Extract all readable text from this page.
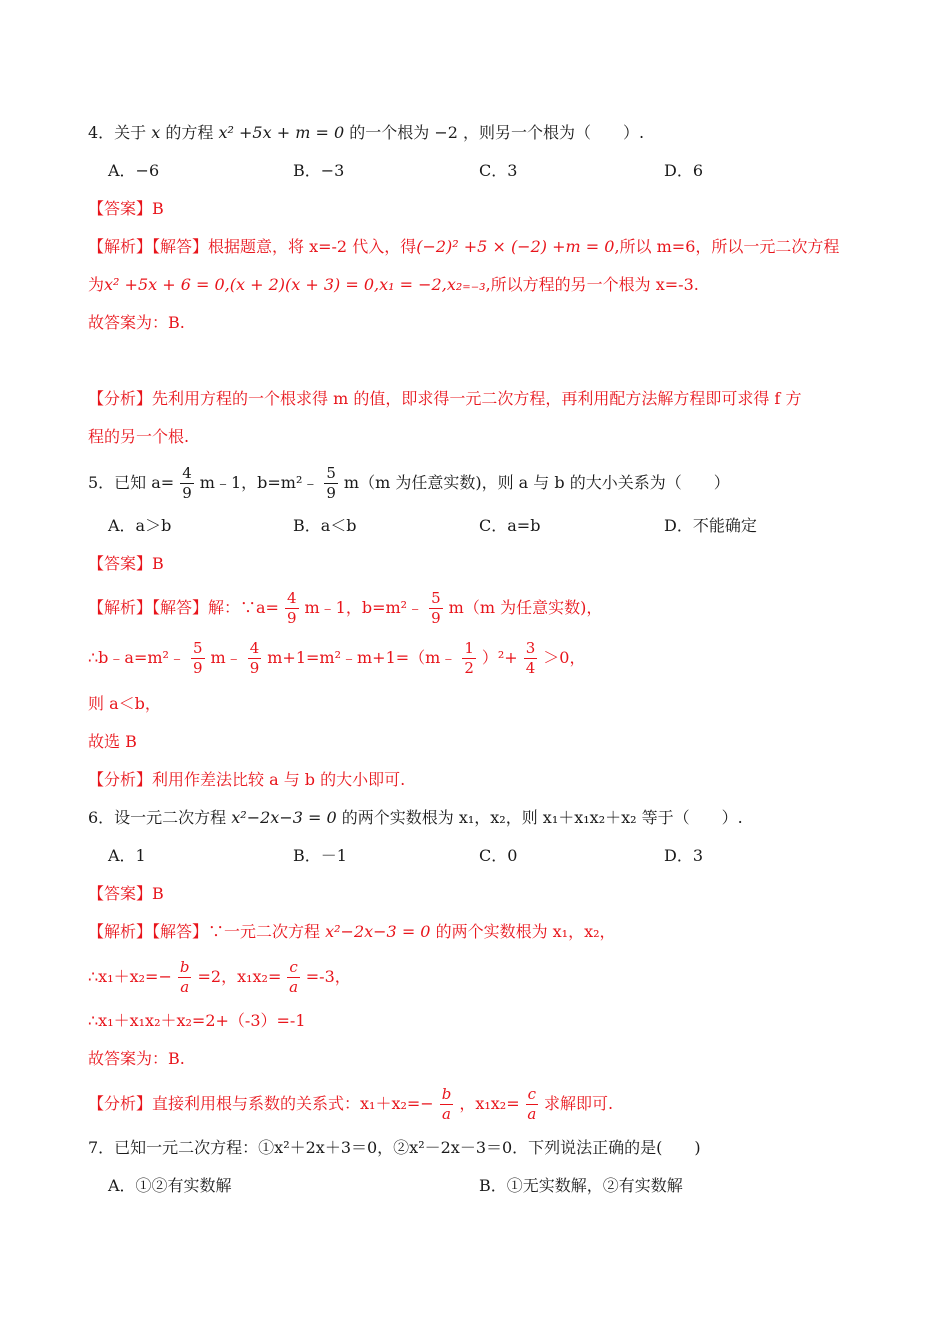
4．关于 x 的方程 x² +5x + m = 0 的一个根为 −2 ，则另一个根为（　　）.
A．−6	B．−3	C．3	D．6
【答案】B
【解析】【解答】根据题意，将 x=-2 代入，得(−2)² +5 × (−2) +m = 0,所以 m=6，所以一元二次方程
为x² +5x + 6 = 0,(x + 2)(x + 3) = 0,x₁ = −2,x₂₌₋₃,所以方程的另一个根为 x=-3.
故答案为：B.
【分析】先利用方程的一个根求得 m 的值，即求得一元二次方程，再利用配方法解方程即可求得 f 方
程的另一个根.
5．已知 $a= \frac{4}{9}$ m﹣1，b=m²﹣ $\frac{5}{9} m(m$ 为任意实数)，则 a 与 b 的大小关系为（　　）
A．a＞b	B．a＜b	C．a=b	D．不能确定
【答案】B
【解析】【解答】解：∵a= $\frac{4}{9}$ m﹣1，b=m²﹣ $\frac{5}{9} m(m$ 为任意实数)，
∴b﹣a=m²﹣ $\frac{5}{9}$ m﹣ $\frac{4}{9}$ m+1=m²﹣m+1=（m﹣ $\frac{1}{2} )^2+ \frac{3}{4} >0$，
则 a＜b，
故选 B
【分析】利用作差法比较 a 与 b 的大小即可.
6．设一元二次方程 x²−2x−3 = 0 的两个实数根为 x₁，x₂，则 x₁＋x₁x₂＋x₂ 等于（　　）.
A．1	B．－1	C．0	D．3
【答案】B
【解析】【解答】∵一元二次方程 x²−2x−3 = 0 的两个实数根为 x₁，x₂，
∴x₁＋x₂=− $\frac{b}{a} =2$，$x_1x_2= \frac{c}{a} =-3$，
∴x₁＋x₁x₂＋x₂=2+（-3）=-1
故答案为：B.
【分析】直接利用根与系数的关系式：$x_1+x_2=- \frac{b}{a}$ ，$x_1x_2= \frac{c}{a}$ 求解即可.
7．已知一元二次方程：①x²＋2x＋3＝0，②x²－2x－3＝0．下列说法正确的是(　　)
A．①②有实数解	B．①无实数解，②有实数解
